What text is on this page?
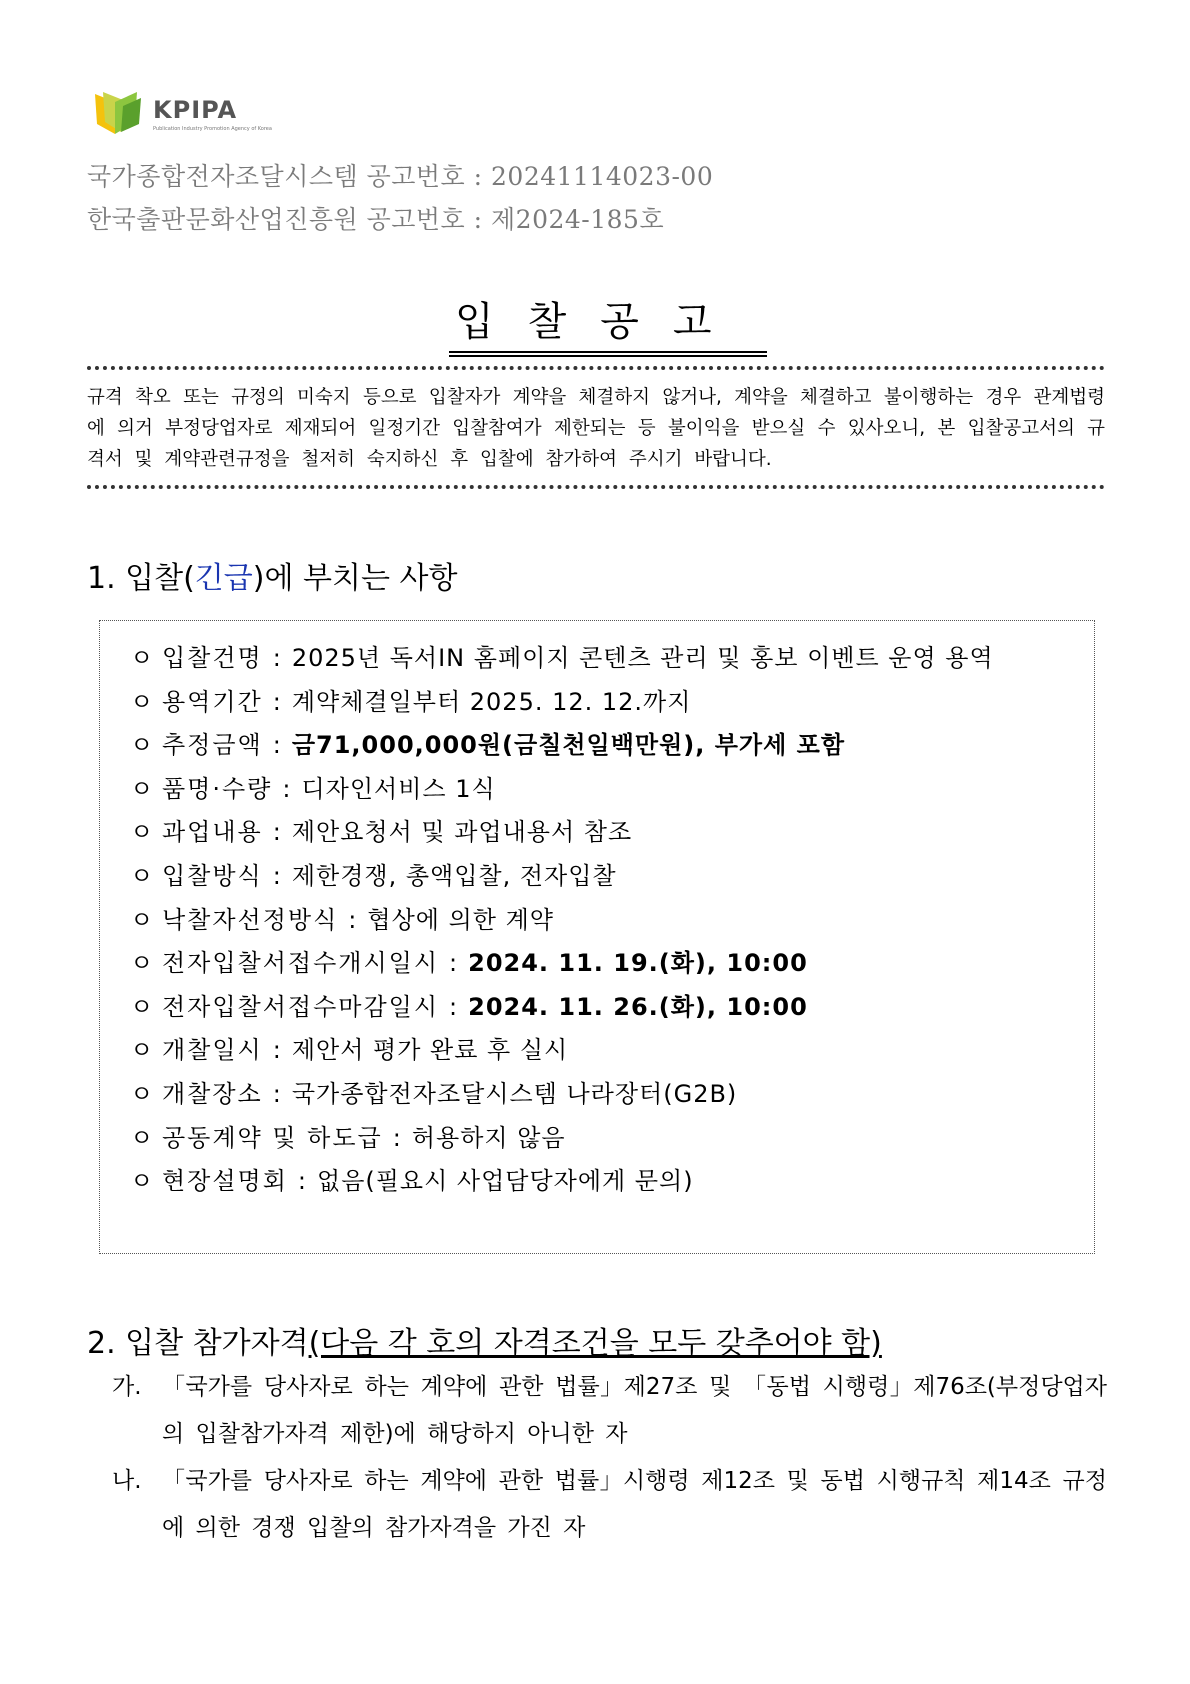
KPIPA
Publication Industry Promotion Agency of Korea
국가종합전자조달시스템 공고번호 : 20241114023-00
한국출판문화산업진흥원 공고번호 : 제2024-185호
입찰공고
규격 착오 또는 규정의 미숙지 등으로 입찰자가 계약을 체결하지 않거나, 계약을 체결하고 불이행하는 경우 관계법령에 의거 부정당업자로 제재되어 일정기간 입찰참여가 제한되는 등 불이익을 받으실 수 있사오니, 본 입찰공고서의 규격서 및 계약관련규정을 철저히 숙지하신 후 입찰에 참가하여 주시기 바랍니다.
1. 입찰(긴급)에 부치는 사항
ㅇ 입찰건명 : 2025년 독서IN 홈페이지 콘텐츠 관리 및 홍보 이벤트 운영 용역
ㅇ 용역기간 : 계약체결일부터 2025. 12. 12.까지
ㅇ 추정금액 : 금71,000,000원(금칠천일백만원), 부가세 포함
ㅇ 품명·수량 : 디자인서비스 1식
ㅇ 과업내용 : 제안요청서 및 과업내용서 참조
ㅇ 입찰방식 : 제한경쟁, 총액입찰, 전자입찰
ㅇ 낙찰자선정방식 : 협상에 의한 계약
ㅇ 전자입찰서접수개시일시 : 2024. 11. 19.(화), 10:00
ㅇ 전자입찰서접수마감일시 : 2024. 11. 26.(화), 10:00
ㅇ 개찰일시 : 제안서 평가 완료 후 실시
ㅇ 개찰장소 : 국가종합전자조달시스템 나라장터(G2B)
ㅇ 공동계약 및 하도급 : 허용하지 않음
ㅇ 현장설명회 : 없음(필요시 사업담당자에게 문의)
2. 입찰 참가자격(다음 각 호의 자격조건을 모두 갖추어야 함)
가. 「국가를 당사자로 하는 계약에 관한 법률」제27조 및 「동법 시행령」제76조(부정당업자의 입찰참가자격 제한)에 해당하지 아니한 자
나. 「국가를 당사자로 하는 계약에 관한 법률」시행령 제12조 및 동법 시행규칙 제14조 규정에 의한 경쟁 입찰의 참가자격을 가진 자
